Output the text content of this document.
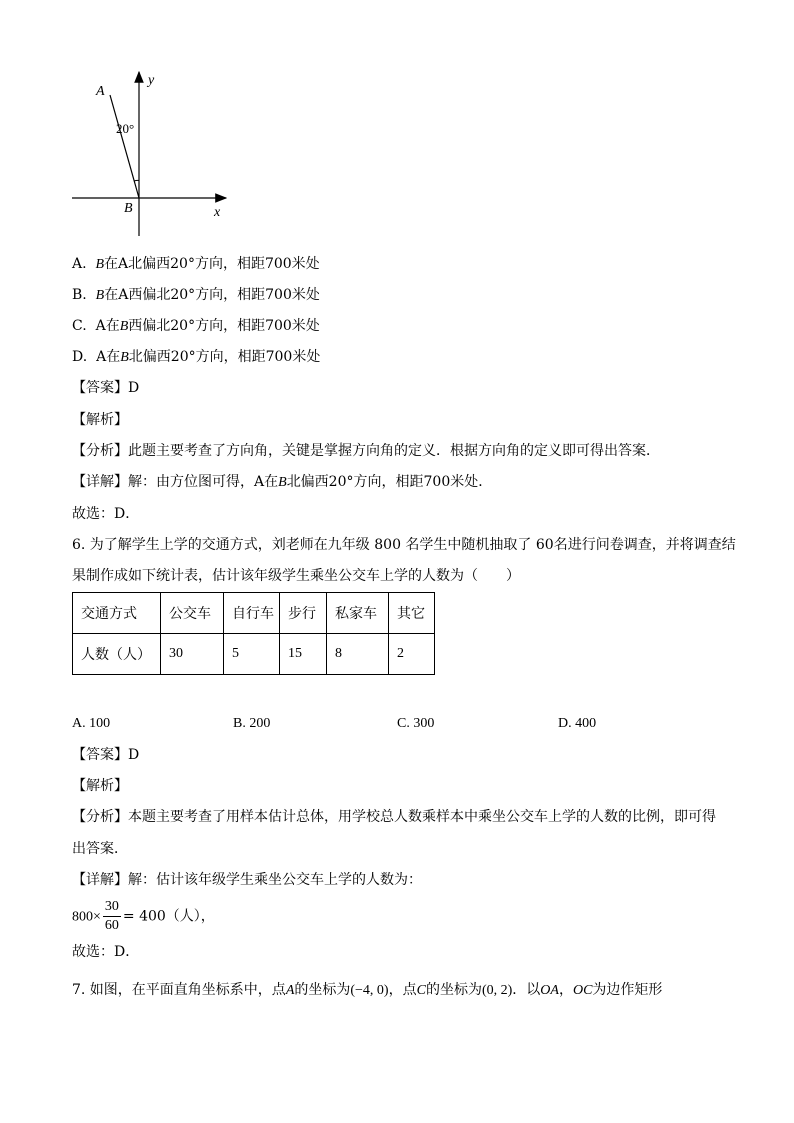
A
y
20°
B	x
A. B在A北偏西20°方向，相距700米处
B. B在A西偏北20°方向，相距700米处
C. A在B西偏北20°方向，相距700米处
D. A在B北偏西20°方向，相距700米处
【答案】D
【解析】
【分析】此题主要考查了方向角，关键是掌握方向角的定义．根据方向角的定义即可得出答案．
【详解】解：由方位图可得，A在B北偏西20°方向，相距700米处．
故选：D．
6. 为了解学生上学的交通方式，刘老师在九年级 800 名学生中随机抽取了 60名进行问卷调查，并将调查结
果制作成如下统计表，估计该年级学生乘坐公交车上学的人数为（　　）
交通方式	公交车	自行车	步行	私家车	其它
人数（人）	30	5	15	8	2
A. 100	B. 200	C. 300	D. 400
【答案】D
【解析】
【分析】本题主要考查了用样本估计总体，用学校总人数乘样本中乘坐公交车上学的人数的比例，即可得
出答案．
【详解】解：估计该年级学生乘坐公交车上学的人数为：
$800\times \frac{30}{60} = 400$（人），
故选：D．
7. 如图，在平面直角坐标系中，点A的坐标为(−4, 0)，点C的坐标为(0, 2)．以OA，OC为边作矩形
